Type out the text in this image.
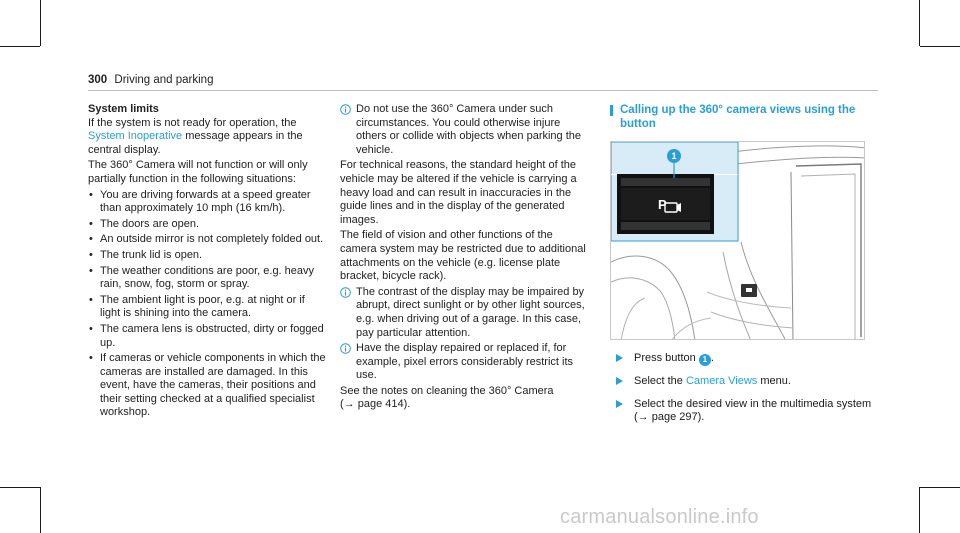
300 Driving and parking
System limits
If the system is not ready for operation, the System Inoperative message appears in the central display.
The 360° Camera will not function or will only partially function in the following situations:
• You are driving forwards at a speed greater than approximately 10 mph (16 km/h).
• The doors are open.
• An outside mirror is not completely folded out.
• The trunk lid is open.
• The weather conditions are poor, e.g. heavy rain, snow, fog, storm or spray.
• The ambient light is poor, e.g. at night or if light is shining into the camera.
• The camera lens is obstructed, dirty or fogged up.
• If cameras or vehicle components in which the cameras are installed are damaged. In this event, have the cameras, their positions and their setting checked at a qualified specialist workshop.
Do not use the 360° Camera under such circumstances. You could otherwise injure others or collide with objects when parking the vehicle.
For technical reasons, the standard height of the vehicle may be altered if the vehicle is carrying a heavy load and can result in inaccuracies in the guide lines and in the display of the generated images.
The field of vision and other functions of the camera system may be restricted due to additional attachments on the vehicle (e.g. license plate bracket, bicycle rack).
The contrast of the display may be impaired by abrupt, direct sunlight or by other light sources, e.g. when driving out of a garage. In this case, pay particular attention.
Have the display repaired or replaced if, for example, pixel errors considerably restrict its use.
See the notes on cleaning the 360° Camera
(→ page 414).
Calling up the 360° camera views using the button
P
1
Press button 1 .
Select the Camera Views menu.
Select the desired view in the multimedia system (→ page 297).
carmanualsonline.info
